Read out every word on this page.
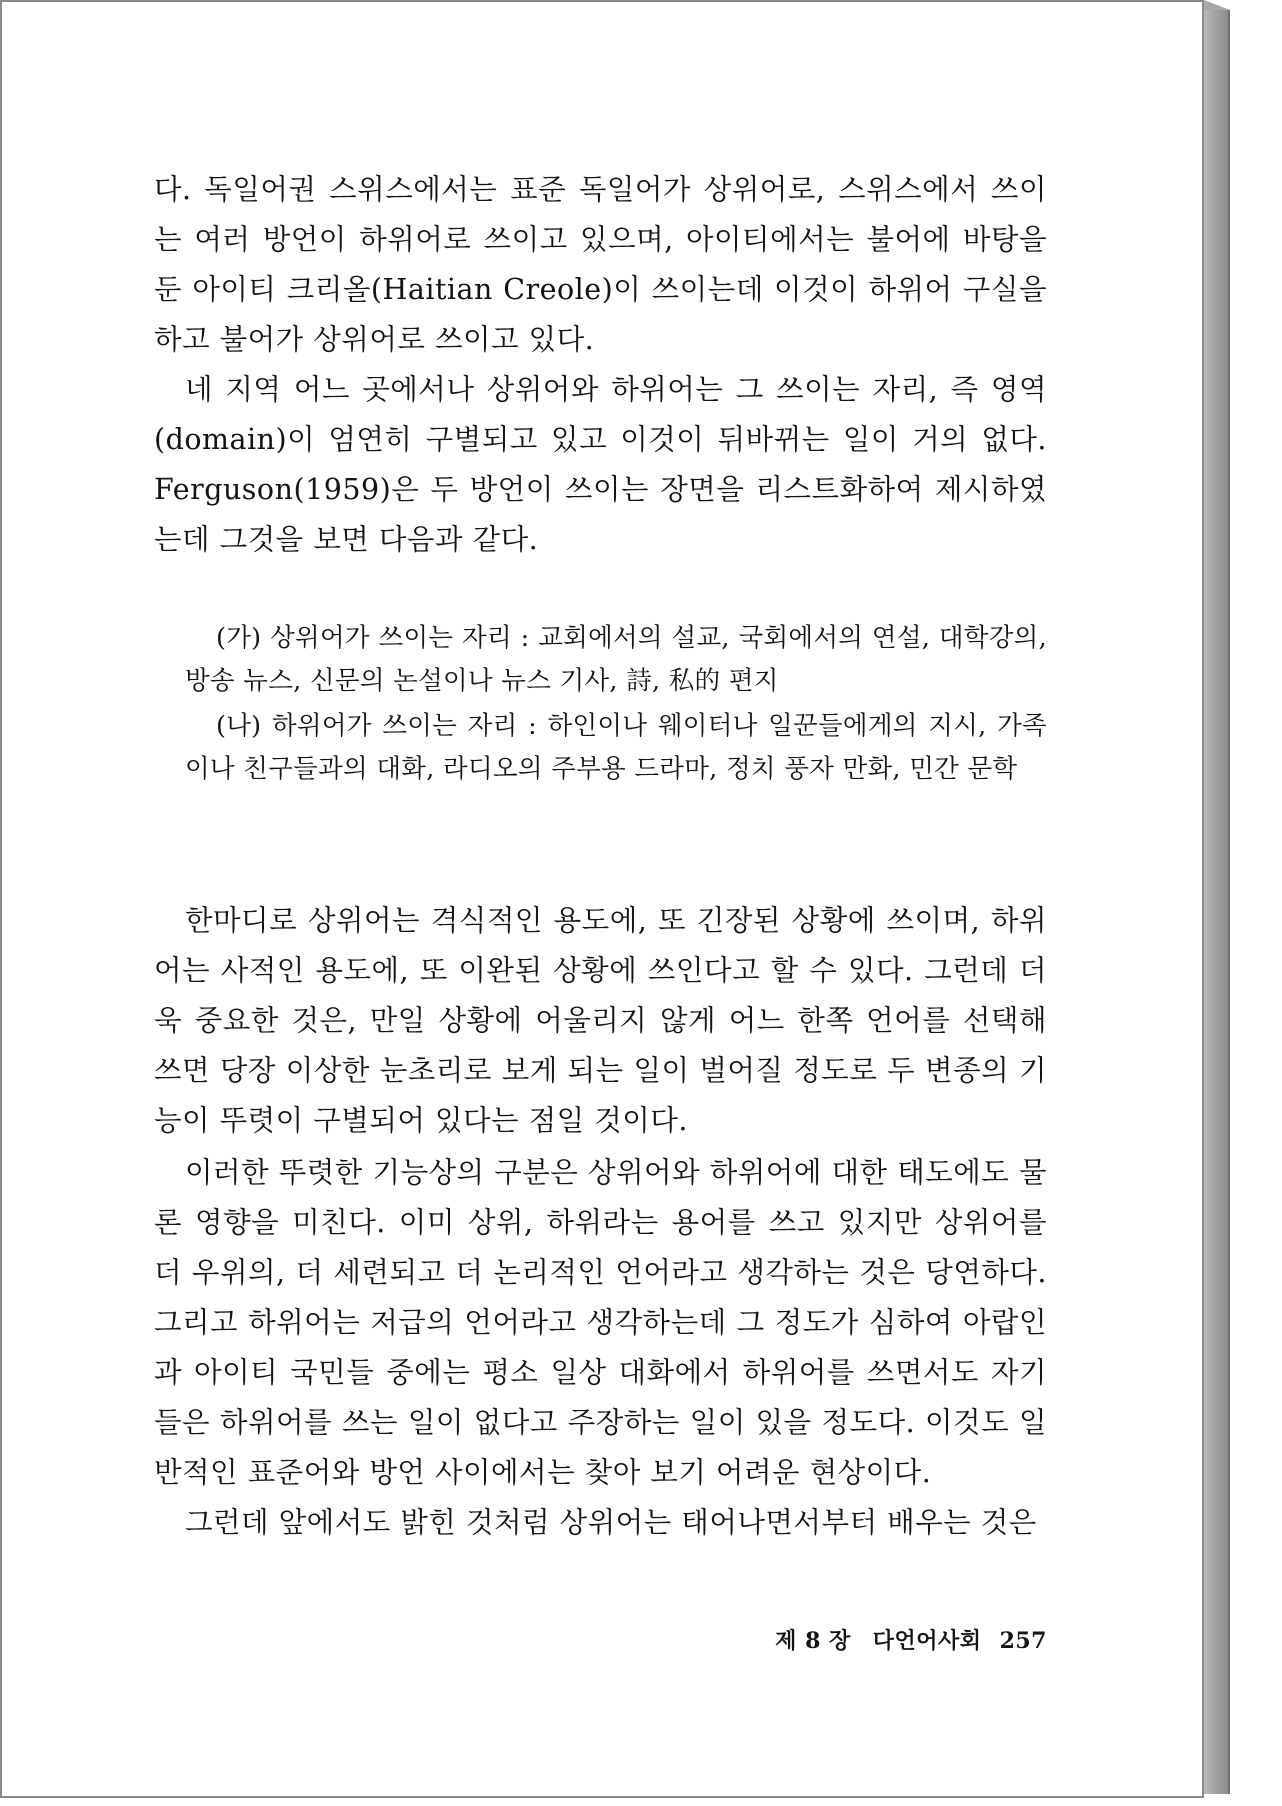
다. 독일어권 스위스에서는 표준 독일어가 상위어로, 스위스에서 쓰이는 여러 방언이 하위어로 쓰이고 있으며, 아이티에서는 불어에 바탕을 둔 아이티 크리올(Haitian Creole)이 쓰이는데 이것이 하위어 구실을 하고 불어가 상위어로 쓰이고 있다.

네 지역 어느 곳에서나 상위어와 하위어는 그 쓰이는 자리, 즉 영역(domain)이 엄연히 구별되고 있고 이것이 뒤바뀌는 일이 거의 없다. Ferguson(1959)은 두 방언이 쓰이는 장면을 리스트화하여 제시하였는데 그것을 보면 다음과 같다.

(가) 상위어가 쓰이는 자리 : 교회에서의 설교, 국회에서의 연설, 대학강의, 방송 뉴스, 신문의 논설이나 뉴스 기사, 詩, 私的 편지

(나) 하위어가 쓰이는 자리 : 하인이나 웨이터나 일꾼들에게의 지시, 가족이나 친구들과의 대화, 라디오의 주부용 드라마, 정치 풍자 만화, 민간 문학

한마디로 상위어는 격식적인 용도에, 또 긴장된 상황에 쓰이며, 하위어는 사적인 용도에, 또 이완된 상황에 쓰인다고 할 수 있다. 그런데 더욱 중요한 것은, 만일 상황에 어울리지 않게 어느 한쪽 언어를 선택해 쓰면 당장 이상한 눈초리로 보게 되는 일이 벌어질 정도로 두 변종의 기능이 뚜렷이 구별되어 있다는 점일 것이다.

이러한 뚜렷한 기능상의 구분은 상위어와 하위어에 대한 태도에도 물론 영향을 미친다. 이미 상위, 하위라는 용어를 쓰고 있지만 상위어를 더 우위의, 더 세련되고 더 논리적인 언어라고 생각하는 것은 당연하다. 그리고 하위어는 저급의 언어라고 생각하는데 그 정도가 심하여 아랍인과 아이티 국민들 중에는 평소 일상 대화에서 하위어를 쓰면서도 자기들은 하위어를 쓰는 일이 없다고 주장하는 일이 있을 정도다. 이것도 일반적인 표준어와 방언 사이에서는 찾아 보기 어려운 현상이다.

그런데 앞에서도 밝힌 것처럼 상위어는 태어나면서부터 배우는 것은

제 8 장 다언어사회 257
